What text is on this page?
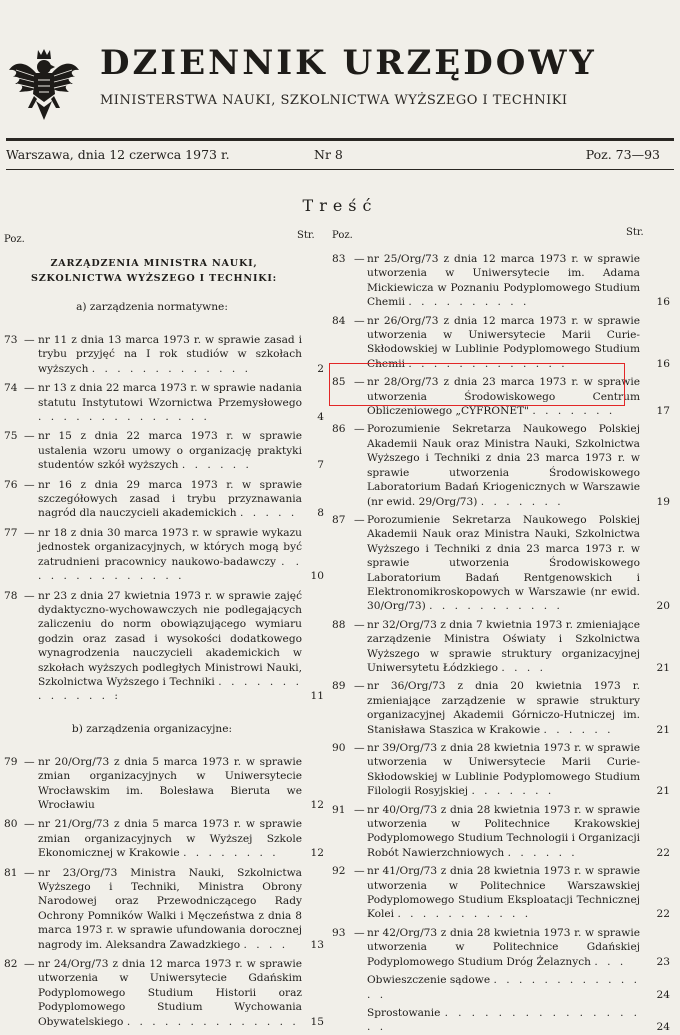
DZIENNIK URZĘDOWY
MINISTERSTWA NAUKI, SZKOLNICTWA WYŻSZEGO I TECHNIKI
Warszawa, dnia 12 czerwca 1973 r.	Nr 8	Poz. 73—93
Treść
Poz.	Str. Poz.	Str.
ZARZĄDZENIA MINISTRA NAUKI, SZKOLNICTWA WYŻSZEGO I TECHNIKI:
a) zarządzenia normatywne:
73 — nr 11 z dnia 13 marca 1973 r. w sprawie zasad i trybu przyjęć na I rok studiów w szkołach wyższych . . . . . . . . . . . . .	2
74 — nr 13 z dnia 22 marca 1973 r. w sprawie nadania statutu Instytutowi Wzornictwa Przemysłowego . . . . . . . . . . . . . .	4
75 — nr 15 z dnia 22 marca 1973 r. w sprawie ustalenia wzoru umowy o organizację praktyki studentów szkół wyższych . . . . . .	7
76 — nr 16 z dnia 29 marca 1973 r. w sprawie szczegółowych zasad i trybu przyznawania nagród dla nauczycieli akademickich . . . . .	8
77 — nr 18 z dnia 30 marca 1973 r. w sprawie wykazu jednostek organizacyjnych, w których mogą być zatrudnieni pracownicy naukowo-badawczy . . . . . . . . . . . . . .	10
78 — nr 23 z dnia 27 kwietnia 1973 r. w sprawie zajęć dydaktyczno-wychowawczych nie podlegających zaliczeniu do norm obowiązującego wymiaru godzin oraz zasad i wysokości dodatkowego wynagrodzenia nauczycieli akademickich w szkołach wyższych podległych Ministrowi Nauki, Szkolnictwa Wyższego i Techniki . . . . . . . . . . . . . :	11
b) zarządzenia organizacyjne:
79 — nr 20/Org/73 z dnia 5 marca 1973 r. w sprawie zmian organizacyjnych w Uniwersytecie Wrocławskim im. Bolesława Bieruta we Wrocławiu	12
80 — nr 21/Org/73 z dnia 5 marca 1973 r. w sprawie zmian organizacyjnych w Wyższej Szkole Ekonomicznej w Krakowie . . . . . . . .	12
81 — nr 23/Org/73 Ministra Nauki, Szkolnictwa Wyższego i Techniki, Ministra Obrony Narodowej oraz Przewodniczącego Rady Ochrony Pomników Walki i Męczeństwa z dnia 8 marca 1973 r. w sprawie ufundowania dorocznej nagrody im. Aleksandra Zawadzkiego . . . .	13
82 — nr 24/Org/73 z dnia 12 marca 1973 r. w sprawie utworzenia w Uniwersytecie Gdańskim Podyplomowego Studium Historii oraz Podyplomowego Studium Wychowania Obywatelskiego . . . . . . . . . . . . . .	15
83 — nr 25/Org/73 z dnia 12 marca 1973 r. w sprawie utworzenia w Uniwersytecie im. Adama Mickiewicza w Poznaniu Podyplomowego Studium Chemii . . . . . . . . . .	16
84 — nr 26/Org/73 z dnia 12 marca 1973 r. w sprawie utworzenia w Uniwersytecie Marii Curie-Skłodowskiej w Lublinie Podyplomowego Studium Chemii . . . . . . . . . . . . .	16
85 — nr 28/Org/73 z dnia 23 marca 1973 r. w sprawie utworzenia Środowiskowego Centrum Obliczeniowego „CYFRONET" . . . . . . .	17
86 — Porozumienie Sekretarza Naukowego Polskiej Akademii Nauk oraz Ministra Nauki, Szkolnictwa Wyższego i Techniki z dnia 23 marca 1973 r. w sprawie utworzenia Środowiskowego Laboratorium Badań Kriogenicznych w Warszawie (nr ewid. 29/Org/73) . . . . . . .	19
87 — Porozumienie Sekretarza Naukowego Polskiej Akademii Nauk oraz Ministra Nauki, Szkolnictwa Wyższego i Techniki z dnia 23 marca 1973 r. w sprawie utworzenia Środowiskowego Laboratorium Badań Rentgenowskich i Elektronomikroskopowych w Warszawie (nr ewid. 30/Org/73) . . . . . . . . . . .	20
88 — nr 32/Org/73 z dnia 7 kwietnia 1973 r. zmieniające zarządzenie Ministra Oświaty i Szkolnictwa Wyższego w sprawie struktury organizacyjnej Uniwersytetu Łódzkiego . . . .	21
89 — nr 36/Org/73 z dnia 20 kwietnia 1973 r. zmieniające zarządzenie w sprawie struktury organizacyjnej Akademii Górniczo-Hutniczej im. Stanisława Staszica w Krakowie . . . . . .	21
90 — nr 39/Org/73 z dnia 28 kwietnia 1973 r. w sprawie utworzenia w Uniwersytecie Marii Curie-Skłodowskiej w Lublinie Podyplomowego Studium Filologii Rosyjskiej . . . . . . .	21
91 — nr 40/Org/73 z dnia 28 kwietnia 1973 r. w sprawie utworzenia w Politechnice Krakowskiej Podyplomowego Studium Technologii i Organizacji Robót Nawierzchniowych . . . . . .	22
92 — nr 41/Org/73 z dnia 28 kwietnia 1973 r. w sprawie utworzenia w Politechnice Warszawskiej Podyplomowego Studium Eksploatacji Technicznej Kolei . . . . . . . . . . .	22
93 — nr 42/Org/73 z dnia 28 kwietnia 1973 r. w sprawie utworzenia w Politechnice Gdańskiej Podyplomowego Studium Dróg Żelaznych . . .	23
Obwieszczenie sądowe . . . . . . . . . . . . . .	24
Sprostowanie . . . . . . . . . . . . . . . . .	24
